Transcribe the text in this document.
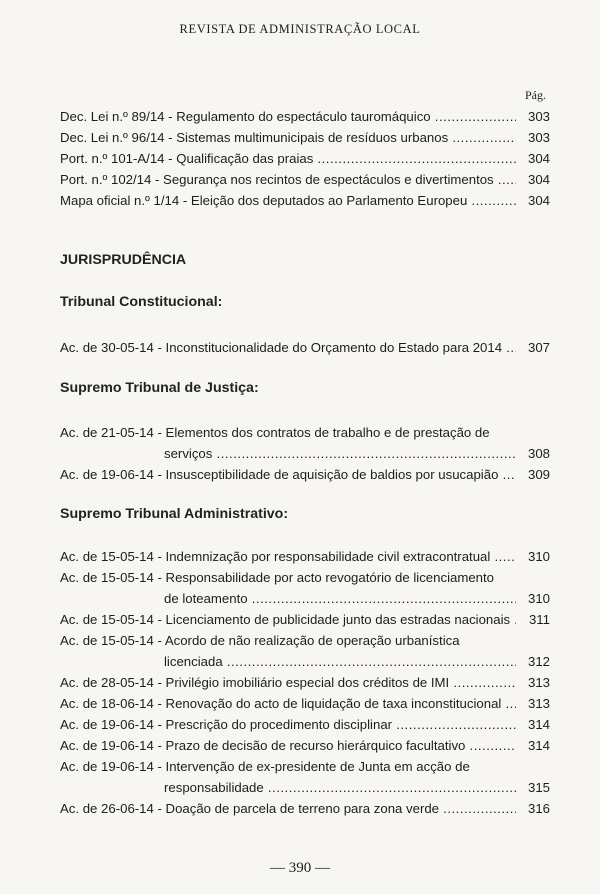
REVISTA DE ADMINISTRAÇÃO LOCAL
Pág.
Dec. Lei n.º 89/14 - Regulamento do espectáculo tauromáquico .....	303
Dec. Lei n.º 96/14 - Sistemas multimunicipais de resíduos urbanos .....	303
Port. n.º 101-A/14 - Qualificação das praias .....	304
Port. n.º 102/14 - Segurança nos recintos de espectáculos e divertimentos .....	304
Mapa oficial n.º 1/14 - Eleição dos deputados ao Parlamento Europeu .....	304
JURISPRUDÊNCIA
Tribunal Constitucional:
Ac. de 30-05-14 - Inconstitucionalidade do Orçamento do Estado para 2014 .....	307
Supremo Tribunal de Justiça:
Ac. de 21-05-14 - Elementos dos contratos de trabalho e de prestação de
serviços .....	308
Ac. de 19-06-14 - Insusceptibilidade de aquisição de baldios por usucapião .....	309
Supremo Tribunal Administrativo:
Ac. de 15-05-14 - Indemnização por responsabilidade civil extracontratual .....	310
Ac. de 15-05-14 - Responsabilidade por acto revogatório de licenciamento
de loteamento .....	310
Ac. de 15-05-14 - Licenciamento de publicidade junto das estradas nacionais .....	311
Ac. de 15-05-14 - Acordo de não realização de operação urbanística
licenciada .....	312
Ac. de 28-05-14 - Privilégio imobiliário especial dos créditos de IMI .....	313
Ac. de 18-06-14 - Renovação do acto de liquidação de taxa inconstitucional .....	313
Ac. de 19-06-14 - Prescrição do procedimento disciplinar .....	314
Ac. de 19-06-14 - Prazo de decisão de recurso hierárquico facultativo .....	314
Ac. de 19-06-14 - Intervenção de ex-presidente de Junta em acção de
responsabilidade .....	315
Ac. de 26-06-14 - Doação de parcela de terreno para zona verde .....	316
— 390 —
